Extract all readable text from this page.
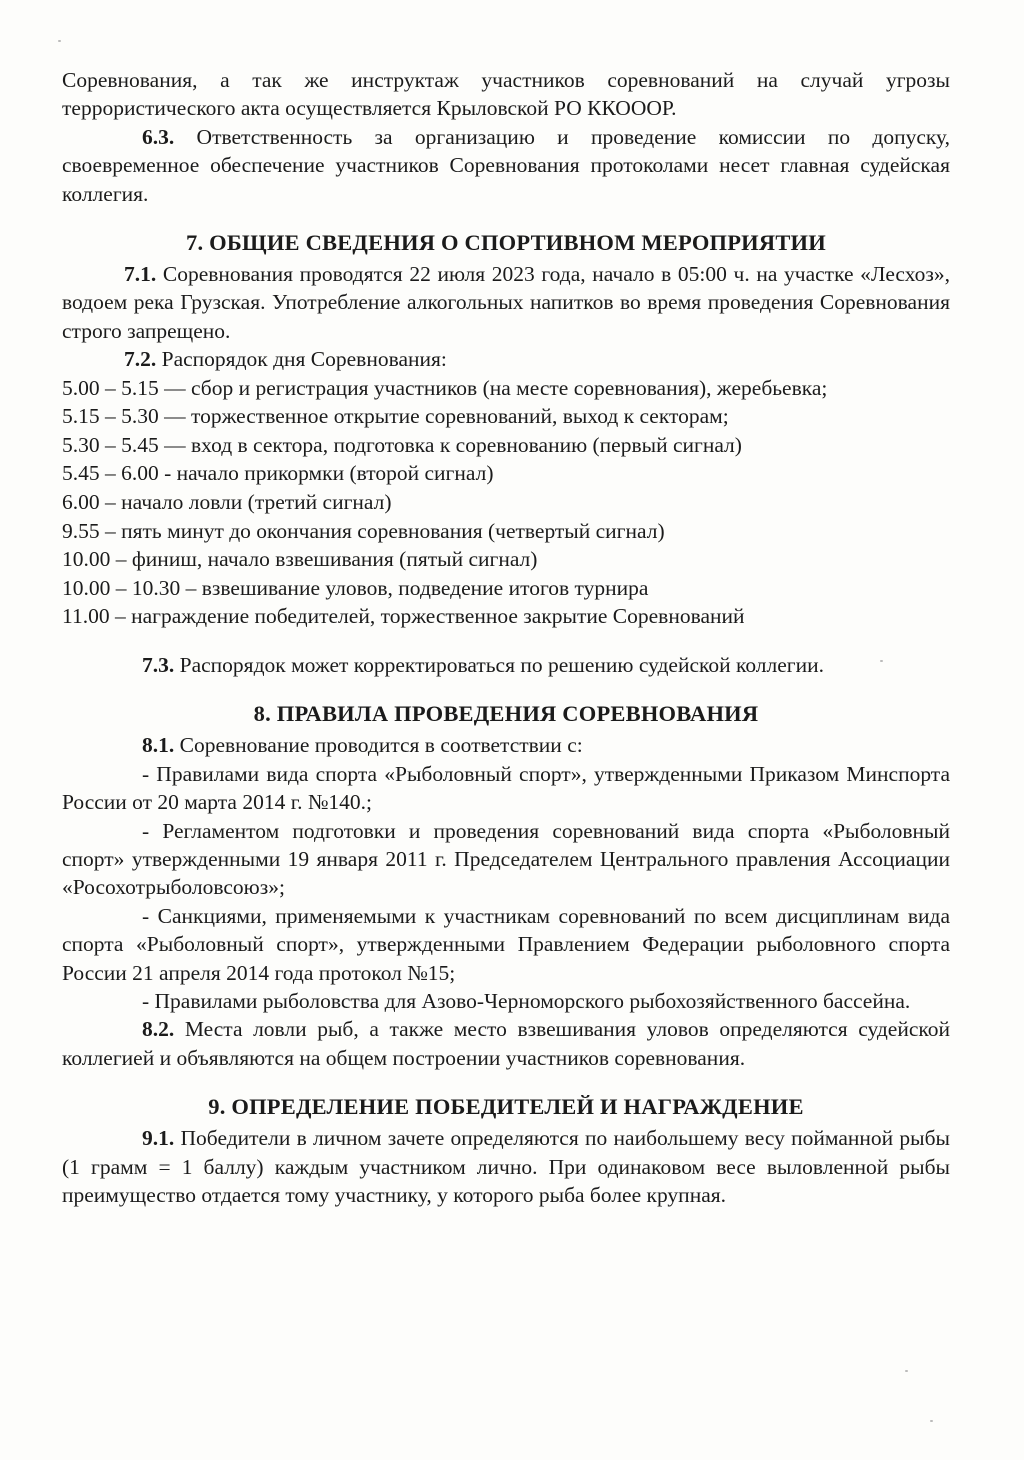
Соревнования, а так же инструктаж участников соревнований на случай угрозы террористического акта осуществляется Крыловской РО ККОООР.

6.3. Ответственность за организацию и проведение комиссии по допуску, своевременное обеспечение участников Соревнования протоколами несет главная судейская коллегия.

7. ОБЩИЕ СВЕДЕНИЯ О СПОРТИВНОМ МЕРОПРИЯТИИ

7.1. Соревнования проводятся 22 июля 2023 года, начало в 05:00 ч. на участке «Лесхоз», водоем река Грузская. Употребление алкогольных напитков во время проведения Соревнования строго запрещено.

7.2. Распорядок дня Соревнования:

5.00 – 5.15 — сбор и регистрация участников (на месте соревнования), жеребьевка;
5.15 – 5.30 — торжественное открытие соревнований, выход к секторам;
5.30 – 5.45 — вход в сектора, подготовка к соревнованию (первый сигнал)
5.45 – 6.00 - начало прикормки (второй сигнал)
6.00 – начало ловли (третий сигнал)
9.55 – пять минут до окончания соревнования (четвертый сигнал)
10.00 – финиш, начало взвешивания (пятый сигнал)
10.00 – 10.30 – взвешивание уловов, подведение итогов турнира
11.00 – награждение победителей, торжественное закрытие Соревнований

7.3. Распорядок может корректироваться по решению судейской коллегии.

8. ПРАВИЛА ПРОВЕДЕНИЯ СОРЕВНОВАНИЯ

8.1. Соревнование проводится в соответствии с:

- Правилами вида спорта «Рыболовный спорт», утвержденными Приказом Минспорта России от 20 марта 2014 г. №140.;

- Регламентом подготовки и проведения соревнований вида спорта «Рыболовный спорт» утвержденными 19 января 2011 г. Председателем Центрального правления Ассоциации «Росохотрыболовсоюз»;

- Санкциями, применяемыми к участникам соревнований по всем дисциплинам вида спорта «Рыболовный спорт», утвержденными Правлением Федерации рыболовного спорта России 21 апреля 2014 года протокол №15;

- Правилами рыболовства для Азово-Черноморского рыбохозяйственного бассейна.

8.2. Места ловли рыб, а также место взвешивания уловов определяются судейской коллегией и объявляются на общем построении участников соревнования.

9. ОПРЕДЕЛЕНИЕ ПОБЕДИТЕЛЕЙ И НАГРАЖДЕНИЕ

9.1. Победители в личном зачете определяются по наибольшему весу пойманной рыбы (1 грамм = 1 баллу) каждым участником лично. При одинаковом весе выловленной рыбы преимущество отдается тому участнику, у которого рыба более крупная.
